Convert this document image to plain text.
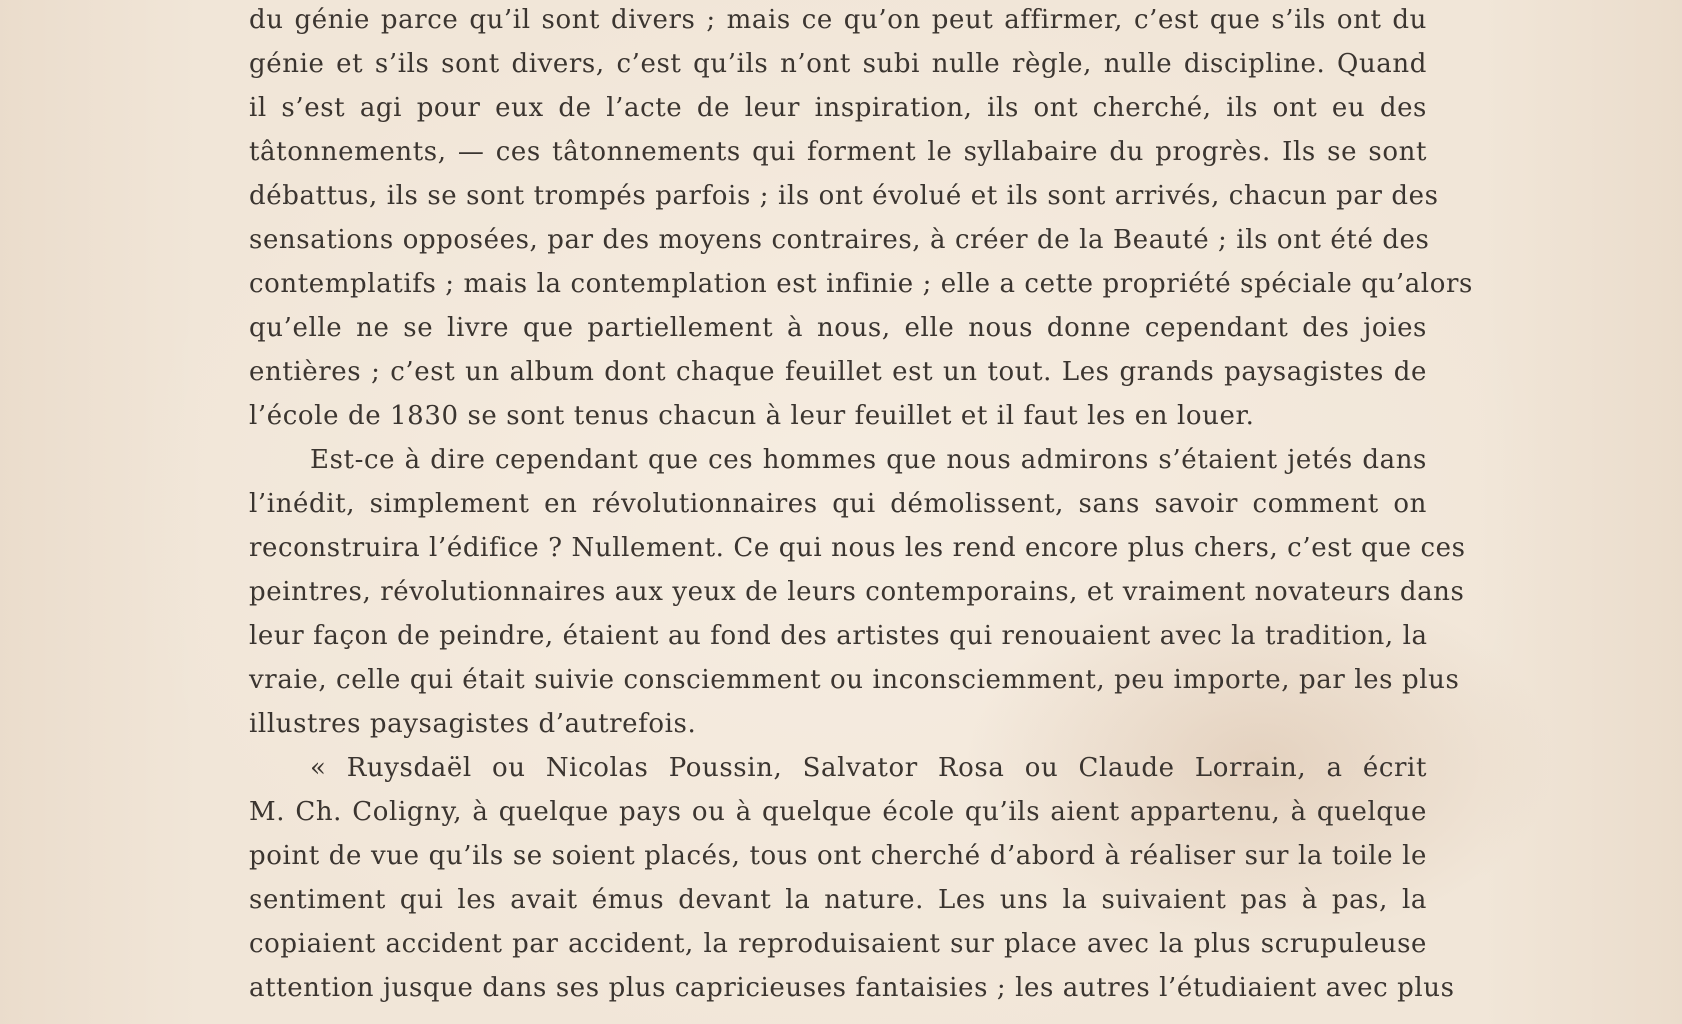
du génie parce qu’il sont divers ; mais ce qu’on peut affirmer, c’est que s’ils ont du
génie et s’ils sont divers, c’est qu’ils n’ont subi nulle règle, nulle discipline. Quand
il s’est agi pour eux de l’acte de leur inspiration, ils ont cherché, ils ont eu des
tâtonnements, — ces tâtonnements qui forment le syllabaire du progrès. Ils se sont
débattus, ils se sont trompés parfois ; ils ont évolué et ils sont arrivés, chacun par des
sensations opposées, par des moyens contraires, à créer de la Beauté ; ils ont été des
contemplatifs ; mais la contemplation est infinie ; elle a cette propriété spéciale qu’alors
qu’elle ne se livre que partiellement à nous, elle nous donne cependant des joies
entières ; c’est un album dont chaque feuillet est un tout. Les grands paysagistes de
l’école de 1830 se sont tenus chacun à leur feuillet et il faut les en louer.
Est-ce à dire cependant que ces hommes que nous admirons s’étaient jetés dans
l’inédit, simplement en révolutionnaires qui démolissent, sans savoir comment on
reconstruira l’édifice ? Nullement. Ce qui nous les rend encore plus chers, c’est que ces
peintres, révolutionnaires aux yeux de leurs contemporains, et vraiment novateurs dans
leur façon de peindre, étaient au fond des artistes qui renouaient avec la tradition, la
vraie, celle qui était suivie consciemment ou inconsciemment, peu importe, par les plus
illustres paysagistes d’autrefois.
« Ruysdaël ou Nicolas Poussin, Salvator Rosa ou Claude Lorrain, a écrit
M. Ch. Coligny, à quelque pays ou à quelque école qu’ils aient appartenu, à quelque
point de vue qu’ils se soient placés, tous ont cherché d’abord à réaliser sur la toile le
sentiment qui les avait émus devant la nature. Les uns la suivaient pas à pas, la
copiaient accident par accident, la reproduisaient sur place avec la plus scrupuleuse
attention jusque dans ses plus capricieuses fantaisies ; les autres l’étudiaient avec plus
